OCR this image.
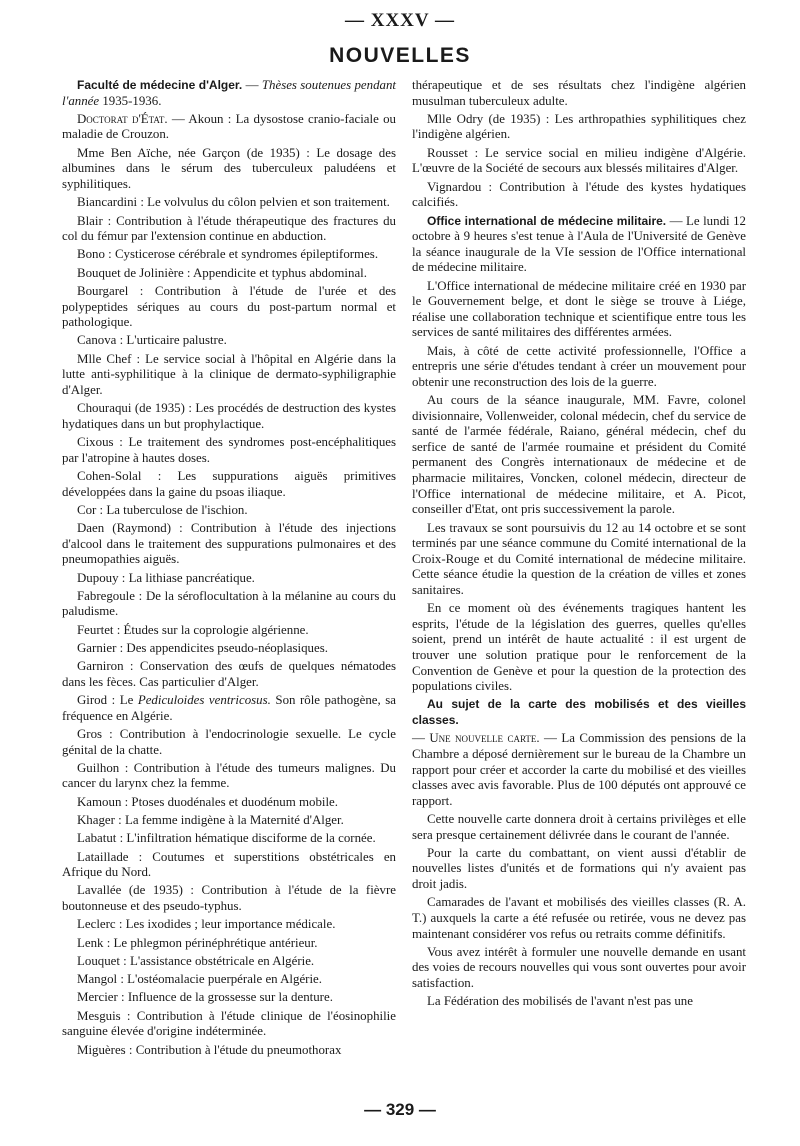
— XXXV —
NOUVELLES

Faculté de médecine d'Alger. — Thèses soutenues pendant l'année 1935-1936.

Doctorat d'État. — Akoun : La dysostose cranio-faciale ou maladie de Crouzon.

Mme Ben Aïche, née Garçon (de 1935) : Le dosage des albumines dans le sérum des tuberculeux paludéens et syphilitiques.

Biancardini : Le volvulus du côlon pelvien et son traitement.

Blair : Contribution à l'étude thérapeutique des fractures du col du fémur par l'extension continue en abduction.

Bono : Cysticerose cérébrale et syndromes épileptiformes.

Bouquet de Jolinière : Appendicite et typhus abdominal.

Bourgarel : Contribution à l'étude de l'urée et des polypeptides sériques au cours du post-partum normal et pathologique.

Canova : L'urticaire palustre.

Mlle Chef : Le service social à l'hôpital en Algérie dans la lutte anti-syphilitique à la clinique de dermato-syphiligraphie d'Alger.

Chouraqui (de 1935) : Les procédés de destruction des kystes hydatiques dans un but prophylactique.

Cixous : Le traitement des syndromes post-encéphalitiques par l'atropine à hautes doses.

Cohen-Solal : Les suppurations aiguës primitives développées dans la gaine du psoas iliaque.

Cor : La tuberculose de l'ischion.

Daen (Raymond) : Contribution à l'étude des injections d'alcool dans le traitement des suppurations pulmonaires et des pneumopathies aiguës.

Dupouy : La lithiase pancréatique.

Fabregoule : De la séroflocultation à la mélanine au cours du paludisme.

Feurtet : Études sur la coprologie algérienne.

Garnier : Des appendicites pseudo-néoplasiques.

Garniron : Conservation des œufs de quelques nématodes dans les fèces. Cas particulier d'Alger.

Girod : Le Pediculoides ventricosus. Son rôle pathogène, sa fréquence en Algérie.

Gros : Contribution à l'endocrinologie sexuelle. Le cycle génital de la chatte.

Guilhon : Contribution à l'étude des tumeurs malignes. Du cancer du larynx chez la femme.

Kamoun : Ptoses duodénales et duodénum mobile.

Khager : La femme indigène à la Maternité d'Alger.

Labatut : L'infiltration hématique disciforme de la cornée.

Lataillade : Coutumes et superstitions obstétricales en Afrique du Nord.

Lavallée (de 1935) : Contribution à l'étude de la fièvre boutonneuse et des pseudo-typhus.

Leclerc : Les ixodides ; leur importance médicale.

Lenk : Le phlegmon périnéphrétique antérieur.

Louquet : L'assistance obstétricale en Algérie.

Mangol : L'ostéomalacie puerpérale en Algérie.

Mercier : Influence de la grossesse sur la denture.

Mesguis : Contribution à l'étude clinique de l'éosinophilie sanguine élevée d'origine indéterminée.

Miguères : Contribution à l'étude du pneumothorax

thérapeutique et de ses résultats chez l'indigène algérien musulman tuberculeux adulte.

Mlle Odry (de 1935) : Les arthropathies syphilitiques chez l'indigène algérien.

Rousset : Le service social en milieu indigène d'Algérie. L'œuvre de la Société de secours aux blessés militaires d'Alger.

Vignardou : Contribution à l'étude des kystes hydatiques calcifiés.

Office international de médecine militaire. — Le lundi 12 octobre à 9 heures s'est tenue à l'Aula de l'Université de Genève la séance inaugurale de la VIe session de l'Office international de médecine militaire.

L'Office international de médecine militaire créé en 1930 par le Gouvernement belge, et dont le siège se trouve à Liége, réalise une collaboration technique et scientifique entre tous les services de santé militaires des différentes armées.

Mais, à côté de cette activité professionnelle, l'Office a entrepris une série d'études tendant à créer un mouvement pour obtenir une reconstruction des lois de la guerre.

Au cours de la séance inaugurale, MM. Favre, colonel divisionnaire, Vollenweider, colonal médecin, chef du service de santé de l'armée fédérale, Raiano, général médecin, chef du serfice de santé de l'armée roumaine et président du Comité permanent des Congrès internationaux de médecine et de pharmacie militaires, Voncken, colonel médecin, directeur de l'Office international de médecine militaire, et A. Picot, conseiller d'Etat, ont pris successivement la parole.

Les travaux se sont poursuivis du 12 au 14 octobre et se sont terminés par une séance commune du Comité international de la Croix-Rouge et du Comité international de médecine militaire. Cette séance étudie la question de la création de villes et zones sanitaires.

En ce moment où des événements tragiques hantent les esprits, l'étude de la législation des guerres, quelles qu'elles soient, prend un intérêt de haute actualité : il est urgent de trouver une solution pratique pour le renforcement de la Convention de Genève et pour la question de la protection des populations civiles.

Au sujet de la carte des mobilisés et des vieilles classes.

— Une nouvelle carte. — La Commission des pensions de la Chambre a déposé dernièrement sur le bureau de la Chambre un rapport pour créer et accorder la carte du mobilisé et des vieilles classes avec avis favorable. Plus de 100 députés ont approuvé ce rapport.

Cette nouvelle carte donnera droit à certains privilèges et elle sera presque certainement délivrée dans le courant de l'année.

Pour la carte du combattant, on vient aussi d'établir de nouvelles listes d'unités et de formations qui n'y avaient pas droit jadis.

Camarades de l'avant et mobilisés des vieilles classes (R. A. T.) auxquels la carte a été refusée ou retirée, vous ne devez pas maintenant considérer vos refus ou retraits comme définitifs.

Vous avez intérêt à formuler une nouvelle demande en usant des voies de recours nouvelles qui vous sont ouvertes pour avoir satisfaction.

La Fédération des mobilisés de l'avant n'est pas une

— 329 —
